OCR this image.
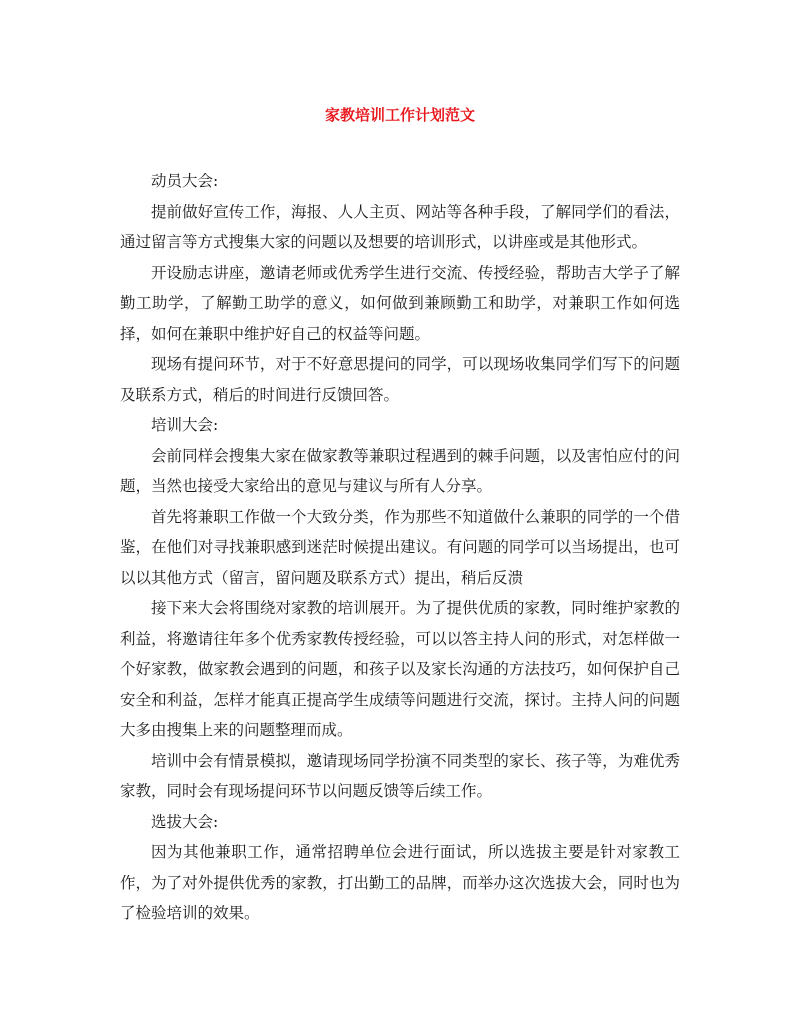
家教培训工作计划范文

动员大会:

提前做好宣传工作，海报、人人主页、网站等各种手段，了解同学们的看法，通过留言等方式搜集大家的问题以及想要的培训形式，以讲座或是其他形式。

开设励志讲座，邀请老师或优秀学生进行交流、传授经验，帮助吉大学子了解勤工助学，了解勤工助学的意义，如何做到兼顾勤工和助学，对兼职工作如何选择，如何在兼职中维护好自己的权益等问题。

现场有提问环节，对于不好意思提问的同学，可以现场收集同学们写下的问题及联系方式，稍后的时间进行反馈回答。

培训大会:

会前同样会搜集大家在做家教等兼职过程遇到的棘手问题，以及害怕应付的问题，当然也接受大家给出的意见与建议与所有人分享。

首先将兼职工作做一个大致分类，作为那些不知道做什么兼职的同学的一个借鉴，在他们对寻找兼职感到迷茫时候提出建议。有问题的同学可以当场提出，也可以以其他方式（留言，留问题及联系方式）提出，稍后反溃

接下来大会将围绕对家教的培训展开。为了提供优质的家教，同时维护家教的利益，将邀请往年多个优秀家教传授经验，可以以答主持人问的形式，对怎样做一个好家教，做家教会遇到的问题，和孩子以及家长沟通的方法技巧，如何保护自己安全和利益，怎样才能真正提高学生成绩等问题进行交流，探讨。主持人问的问题大多由搜集上来的问题整理而成。

培训中会有情景模拟，邀请现场同学扮演不同类型的家长、孩子等，为难优秀家教，同时会有现场提问环节以问题反馈等后续工作。

选拔大会:

因为其他兼职工作，通常招聘单位会进行面试，所以选拔主要是针对家教工作，为了对外提供优秀的家教，打出勤工的品牌，而举办这次选拔大会，同时也为了检验培训的效果。
